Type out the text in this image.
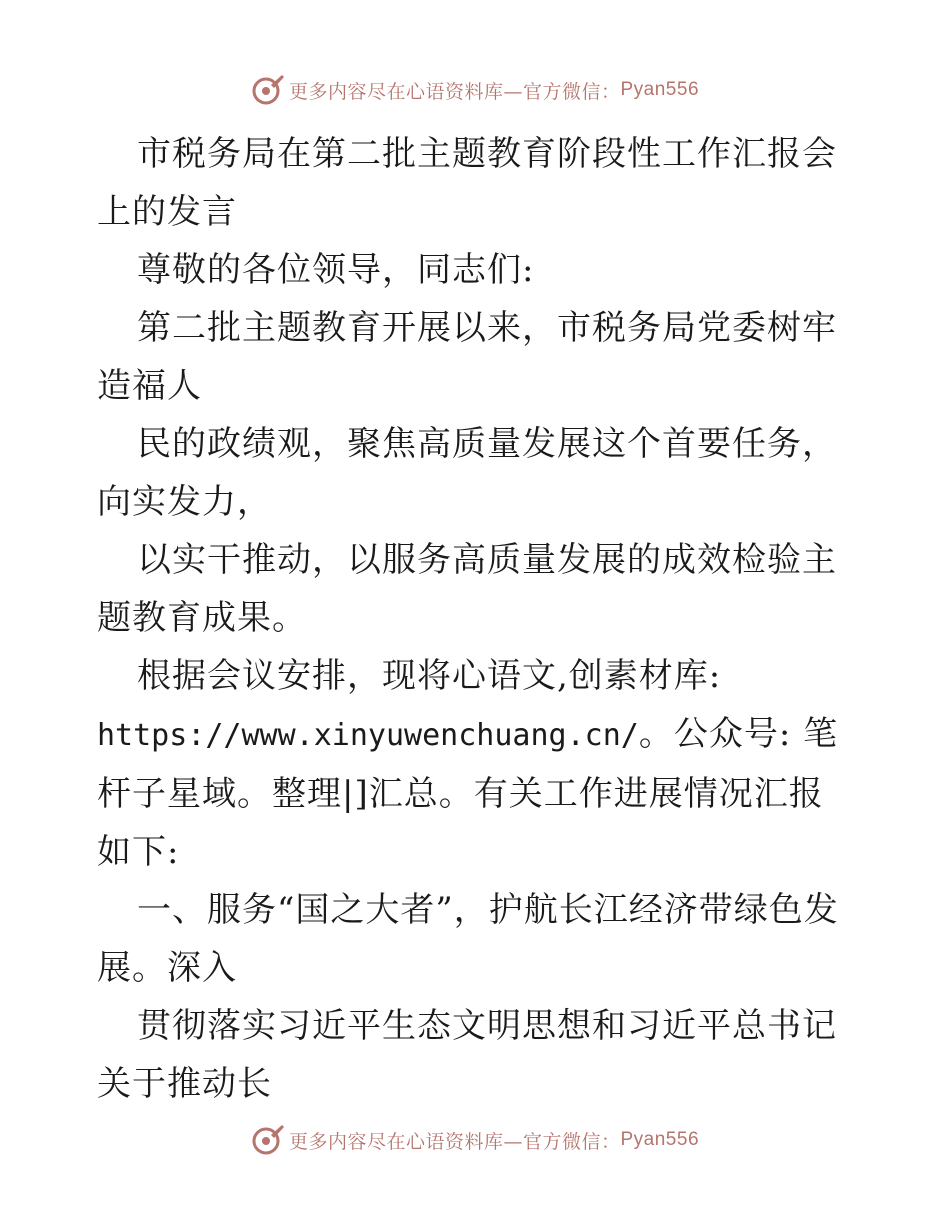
更多内容尽在心语资料库—官方微信： Pyan556

市税务局在第二批主题教育阶段性工作汇报会上的发言

尊敬的各位领导，同志们:

第二批主题教育开展以来，市税务局党委树牢造福人

民的政绩观，聚焦高质量发展这个首要任务，向实发力，

以实干推动，以服务高质量发展的成效检验主题教育成果。

根据会议安排，现将心语文,创素材库:

https://www.xinyuwenchuang.cn/。公众号: 笔杆子星域。整理|]汇总。有关工作进展情况汇报如下:

一、服务“国之大者”，护航长江经济带绿色发展。深入

贯彻落实习近平生态文明思想和习近平总书记关于推动长

更多内容尽在心语资料库—官方微信： Pyan556
